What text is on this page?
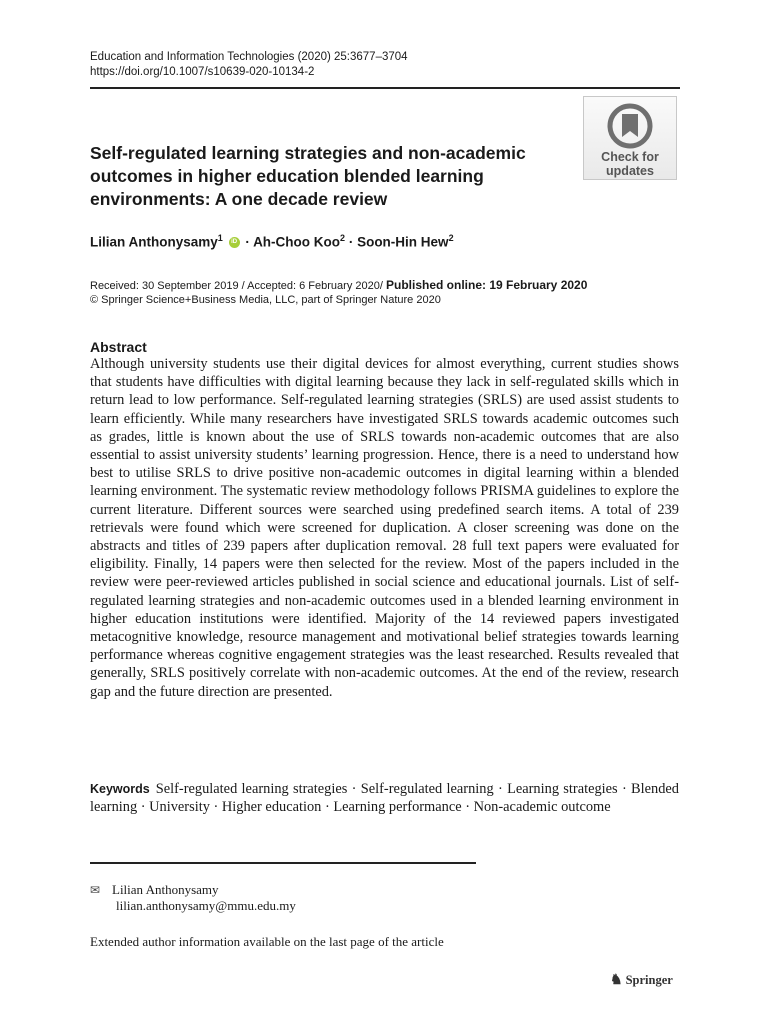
Education and Information Technologies (2020) 25:3677–3704
https://doi.org/10.1007/s10639-020-10134-2
Self-regulated learning strategies and non-academic outcomes in higher education blended learning environments: A one decade review
Check for
updates
Lilian Anthonysamy$^1$ iD · Ah-Choo Koo$^2$ · Soon-Hin Hew$^2$
Received: 30 September 2019 / Accepted: 6 February 2020/ Published online: 19 February 2020
© Springer Science+Business Media, LLC, part of Springer Nature 2020
Abstract

Although university students use their digital devices for almost everything, current studies shows that students have difficulties with digital learning because they lack in self-regulated skills which in return lead to low performance. Self-regulated learning strategies (SRLS) are used assist students to learn efficiently. While many researchers have investigated SRLS towards academic outcomes such as grades, little is known about the use of SRLS towards non-academic outcomes that are also essential to assist university students’ learning progression. Hence, there is a need to understand how best to utilise SRLS to drive positive non-academic outcomes in digital learning within a blended learning environment. The systematic review methodology follows PRISMA guidelines to explore the current literature. Different sources were searched using predefined search items. A total of 239 retrievals were found which were screened for duplication. A closer screening was done on the abstracts and titles of 239 papers after duplication removal. 28 full text papers were evaluated for eligibility. Finally, 14 papers were then selected for the review. Most of the papers included in the review were peer-reviewed articles published in social science and educational journals. List of self-regulated learning strategies and non-academic outcomes used in a blended learning environment in higher education institutions were identified. Majority of the 14 reviewed papers investigated metacognitive knowledge, resource management and motivational belief strategies towards learning performance whereas cognitive engagement strategies was the least researched. Results revealed that generally, SRLS positively correlate with non-academic outcomes. At the end of the review, research gap and the future direction are presented.

Keywords Self-regulated learning strategies · Self-regulated learning · Learning strategies · Blended learning · University · Higher education · Learning performance · Non-academic outcome

✉ Lilian Anthonysamy
lilian.anthonysamy@mmu.edu.my
Extended author information available on the last page of the article
♞ Springer
